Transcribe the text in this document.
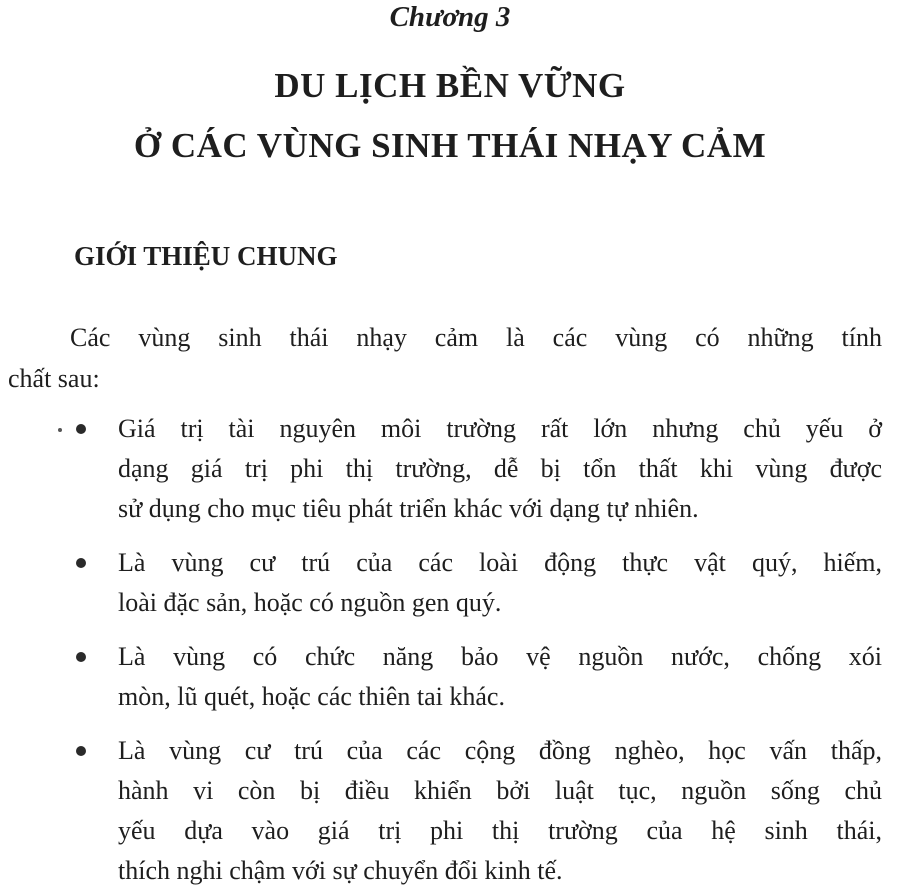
Chương 3
DU LỊCH BỀN VỮNG
Ở CÁC VÙNG SINH THÁI NHẠY CẢM
GIỚI THIỆU CHUNG
Các vùng sinh thái nhạy cảm là các vùng có những tính
chất sau:
Giá trị tài nguyên môi trường rất lớn nhưng chủ yếu ở
dạng giá trị phi thị trường, dễ bị tổn thất khi vùng được
sử dụng cho mục tiêu phát triển khác với dạng tự nhiên.
Là vùng cư trú của các loài động thực vật quý, hiếm,
loài đặc sản, hoặc có nguồn gen quý.
Là vùng có chức năng bảo vệ nguồn nước, chống xói
mòn, lũ quét, hoặc các thiên tai khác.
Là vùng cư trú của các cộng đồng nghèo, học vấn thấp,
hành vi còn bị điều khiển bởi luật tục, nguồn sống chủ
yếu dựa vào giá trị phi thị trường của hệ sinh thái,
thích nghi chậm với sự chuyển đổi kinh tế.
